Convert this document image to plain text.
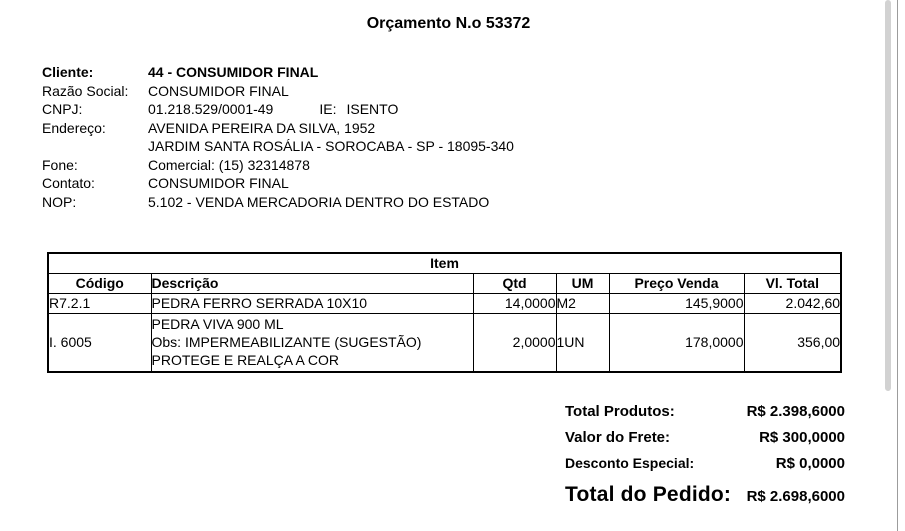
Orçamento N.o 53372
Cliente:	44 - CONSUMIDOR FINAL
Razão Social:	CONSUMIDOR FINAL
CNPJ:	01.218.529/0001-49	IE: ISENTO
Endereço:	AVENIDA PEREIRA DA SILVA, 1952
JARDIM SANTA ROSÁLIA - SOROCABA - SP - 18095-340
Fone:	Comercial: (15) 32314878
Contato:	CONSUMIDOR FINAL
NOP:	5.102 - VENDA MERCADORIA DENTRO DO ESTADO
Item					
Código	Descrição	Qtd	UM	Preço Venda	Vl. Total
R7.2.1	PEDRA FERRO SERRADA 10X10	14,0000	M2	145,9000	2.042,60
I. 6005	PEDRA VIVA 900 ML
Obs: IMPERMEABILIZANTE (SUGESTÃO)
PROTEGE E REALÇA A COR	2,0000	1UN	178,0000	356,00
Total Produtos:	R$ 2.398,6000
Valor do Frete:	R$ 300,0000
Desconto Especial:	R$ 0,0000
Total do Pedido: R$ 2.698,6000
